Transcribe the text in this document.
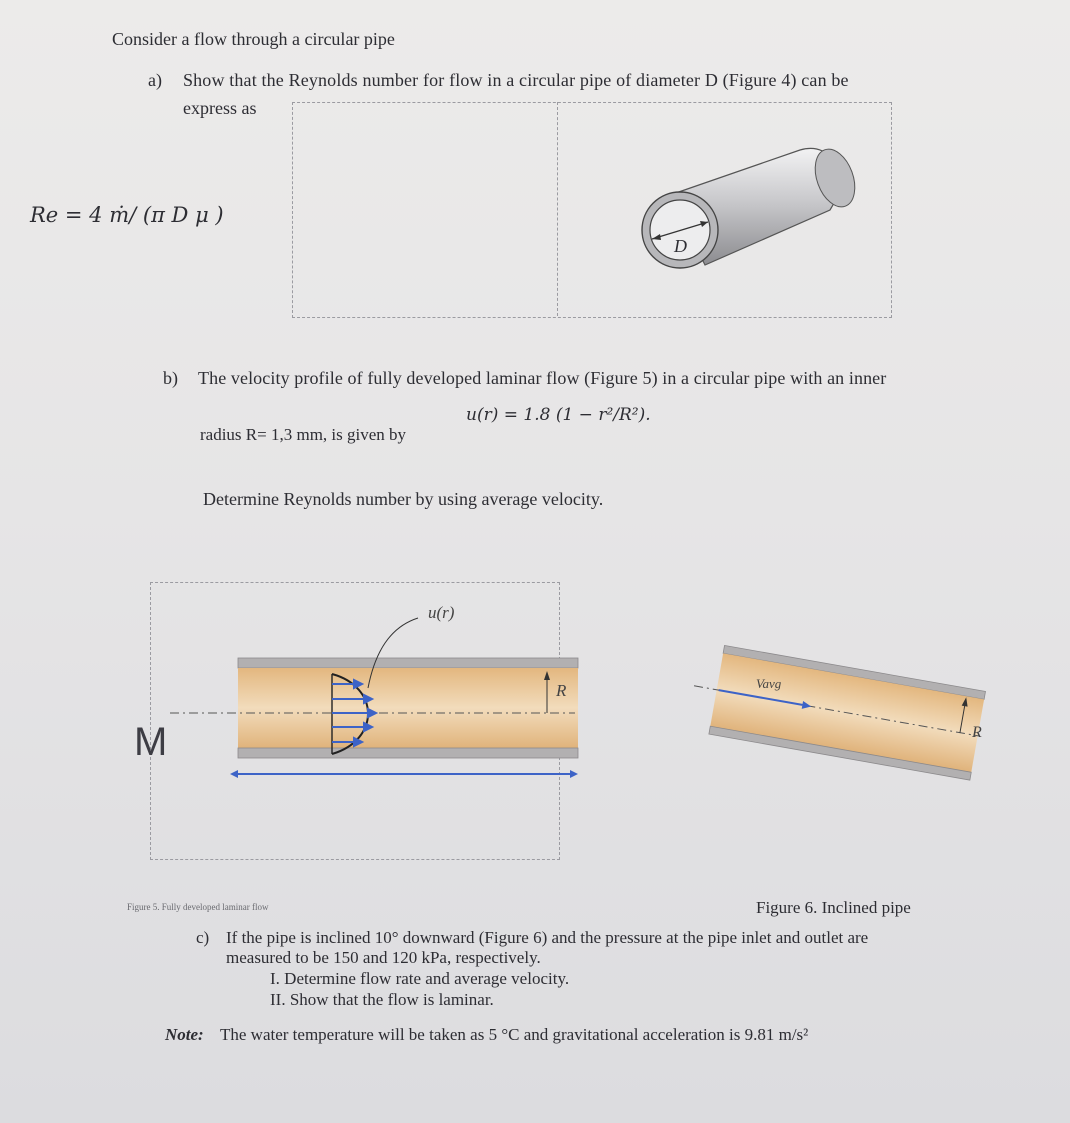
Consider a flow through a circular pipe
a) Show that the Reynolds number for flow in a circular pipe of diameter D (Figure 4) can be
express as
Re = 4 ṁ/ (π D μ )
D
b) The velocity profile of fully developed laminar flow (Figure 5) in a circular pipe with an inner
radius R= 1,3 mm, is given by
u(r) = 1.8 (1 − r²/R²).
Determine Reynolds number by using average velocity.
u(r)
R
M
Vavg
R
Figure 5. Fully developed laminar flow	Figure 6. Inclined pipe
c) If the pipe is inclined 10° downward (Figure 6) and the pressure at the pipe inlet and outlet are
measured to be 150 and 120 kPa, respectively.
I. Determine flow rate and average velocity.
II. Show that the flow is laminar.
Note: The water temperature will be taken as 5 °C and gravitational acceleration is 9.81 m/s²
